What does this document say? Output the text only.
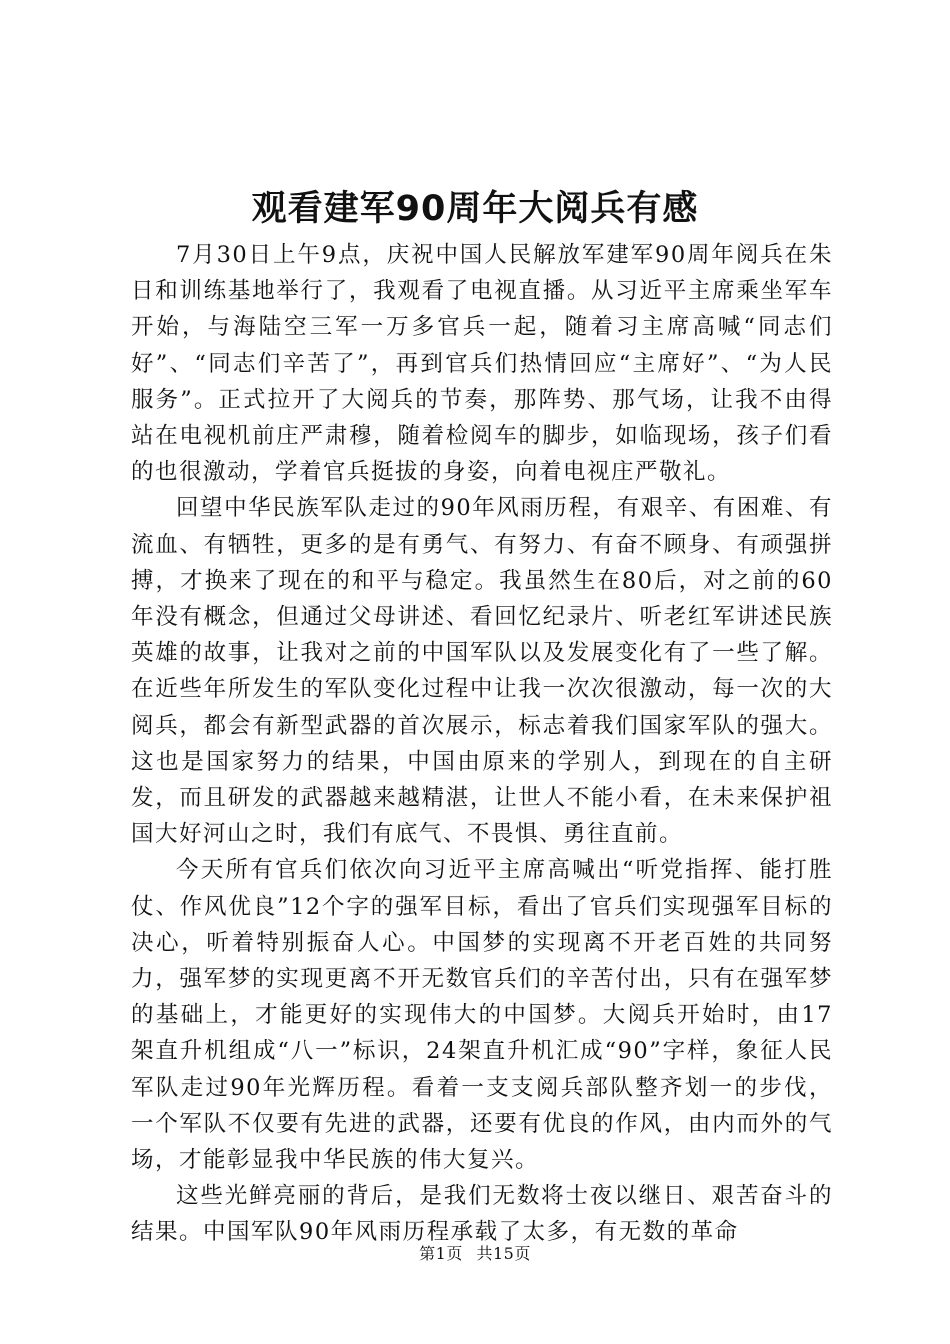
观看建军90周年大阅兵有感

7月30日上午9点，庆祝中国人民解放军建军90周年阅兵在朱日和训练基地举行了，我观看了电视直播。从习近平主席乘坐军车开始，与海陆空三军一万多官兵一起，随着习主席高喊“同志们好”、“同志们辛苦了”，再到官兵们热情回应“主席好”、“为人民服务”。正式拉开了大阅兵的节奏，那阵势、那气场，让我不由得站在电视机前庄严肃穆，随着检阅车的脚步，如临现场，孩子们看的也很激动，学着官兵挺拔的身姿，向着电视庄严敬礼。

回望中华民族军队走过的90年风雨历程，有艰辛、有困难、有流血、有牺牲，更多的是有勇气、有努力、有奋不顾身、有顽强拼搏，才换来了现在的和平与稳定。我虽然生在80后，对之前的60年没有概念，但通过父母讲述、看回忆纪录片、听老红军讲述民族英雄的故事，让我对之前的中国军队以及发展变化有了一些了解。在近些年所发生的军队变化过程中让我一次次很激动，每一次的大阅兵，都会有新型武器的首次展示，标志着我们国家军队的强大。这也是国家努力的结果，中国由原来的学别人，到现在的自主研发，而且研发的武器越来越精湛，让世人不能小看，在未来保护祖国大好河山之时，我们有底气、不畏惧、勇往直前。

今天所有官兵们依次向习近平主席高喊出“听党指挥、能打胜仗、作风优良”12个字的强军目标，看出了官兵们实现强军目标的决心，听着特别振奋人心。中国梦的实现离不开老百姓的共同努力，强军梦的实现更离不开无数官兵们的辛苦付出，只有在强军梦的基础上，才能更好的实现伟大的中国梦。大阅兵开始时，由17架直升机组成“八一”标识，24架直升机汇成“90”字样，象征人民军队走过90年光辉历程。看着一支支阅兵部队整齐划一的步伐，一个军队不仅要有先进的武器，还要有优良的作风，由内而外的气场，才能彰显我中华民族的伟大复兴。

这些光鲜亮丽的背后，是我们无数将士夜以继日、艰苦奋斗的结果。中国军队90年风雨历程承载了太多，有无数的革命

第1页 共15页
